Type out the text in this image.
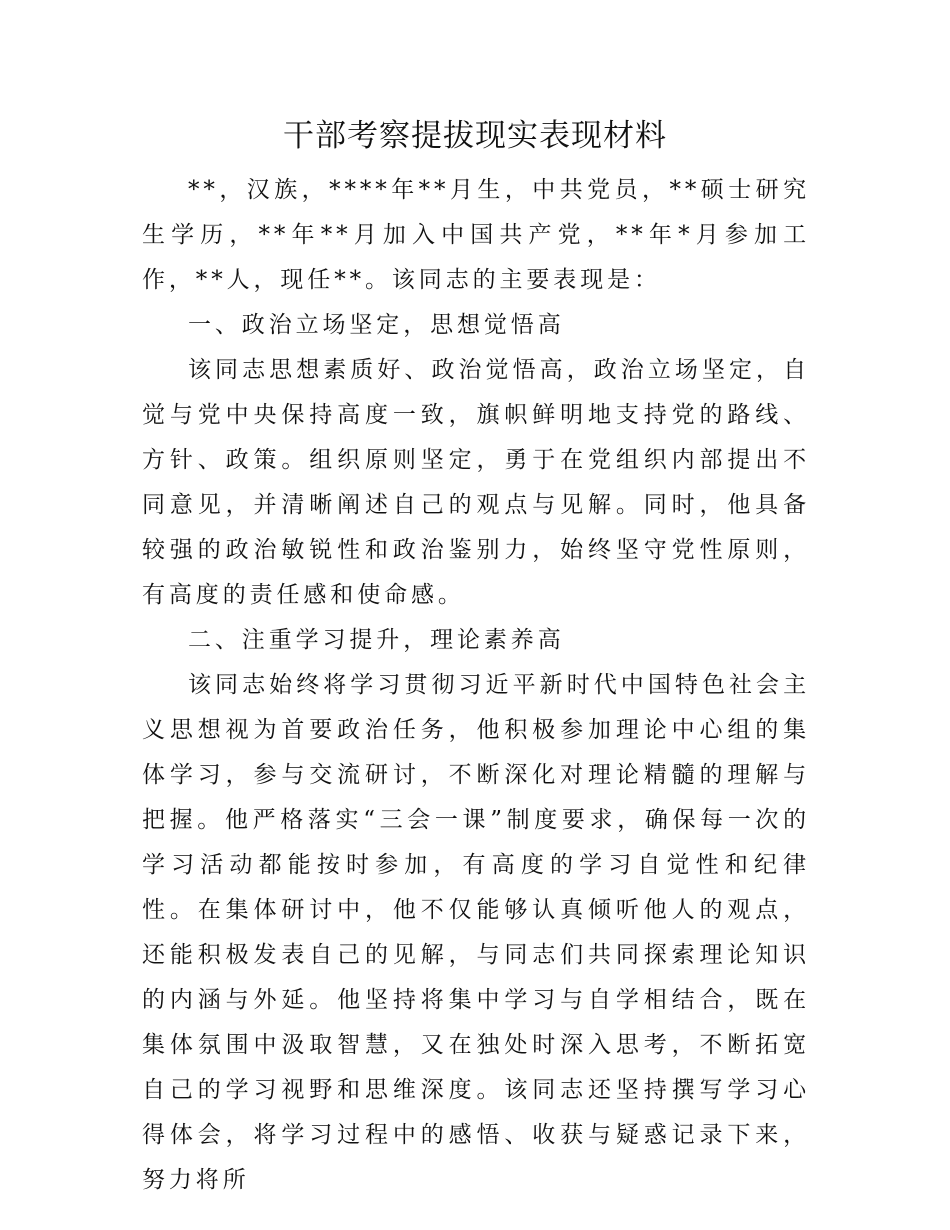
干部考察提拔现实表现材料

**，汉族，****年**月生，中共党员，**硕士研究生学历，**年**月加入中国共产党，**年*月参加工作，**人，现任**。该同志的主要表现是：

一、政治立场坚定，思想觉悟高

该同志思想素质好、政治觉悟高，政治立场坚定，自觉与党中央保持高度一致，旗帜鲜明地支持党的路线、方针、政策。组织原则坚定，勇于在党组织内部提出不同意见，并清晰阐述自己的观点与见解。同时，他具备较强的政治敏锐性和政治鉴别力，始终坚守党性原则，有高度的责任感和使命感。

二、注重学习提升，理论素养高

该同志始终将学习贯彻习近平新时代中国特色社会主义思想视为首要政治任务，他积极参加理论中心组的集体学习，参与交流研讨，不断深化对理论精髓的理解与把握。他严格落实“三会一课”制度要求，确保每一次的学习活动都能按时参加，有高度的学习自觉性和纪律性。在集体研讨中，他不仅能够认真倾听他人的观点，还能积极发表自己的见解，与同志们共同探索理论知识的内涵与外延。他坚持将集中学习与自学相结合，既在集体氛围中汲取智慧，又在独处时深入思考，不断拓宽自己的学习视野和思维深度。该同志还坚持撰写学习心得体会，将学习过程中的感悟、收获与疑惑记录下来，努力将所
